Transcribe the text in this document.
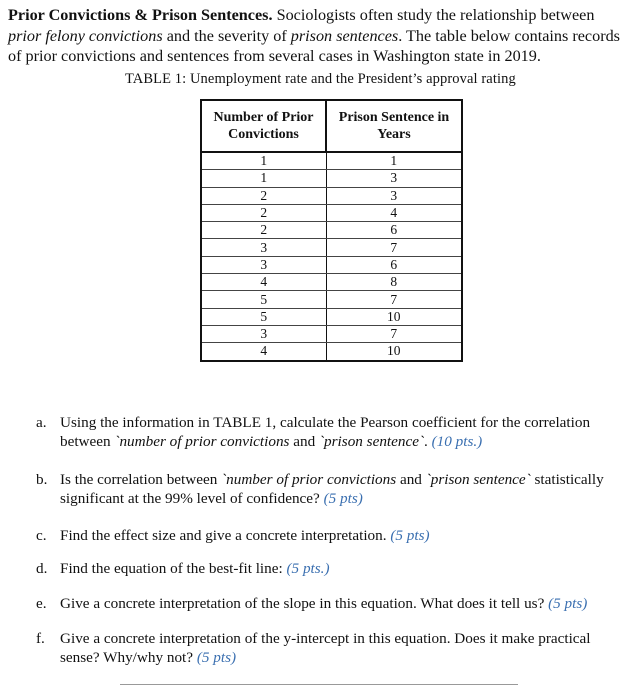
Prior Convictions & Prison Sentences. Sociologists often study the relationship between prior felony convictions and the severity of prison sentences. The table below contains records of prior convictions and sentences from several cases in Washington state in 2019.
TABLE 1: Unemployment rate and the President’s approval rating
Number of Prior Convictions	Prison Sentence in Years
1	1
1	3
2	3
2	4
2	6
3	7
3	6
4	8
5	7
5	10
3	7
4	10
a. Using the information in TABLE 1, calculate the Pearson coefficient for the correlation between `number of prior convictions and `prison sentence`. (10 pts.)
b. Is the correlation between `number of prior convictions and `prison sentence` statistically significant at the 99% level of confidence? (5 pts)
c. Find the effect size and give a concrete interpretation. (5 pts)
d. Find the equation of the best-fit line: (5 pts.)
e. Give a concrete interpretation of the slope in this equation. What does it tell us? (5 pts)
f. Give a concrete interpretation of the y-intercept in this equation. Does it make practical sense? Why/why not? (5 pts)
